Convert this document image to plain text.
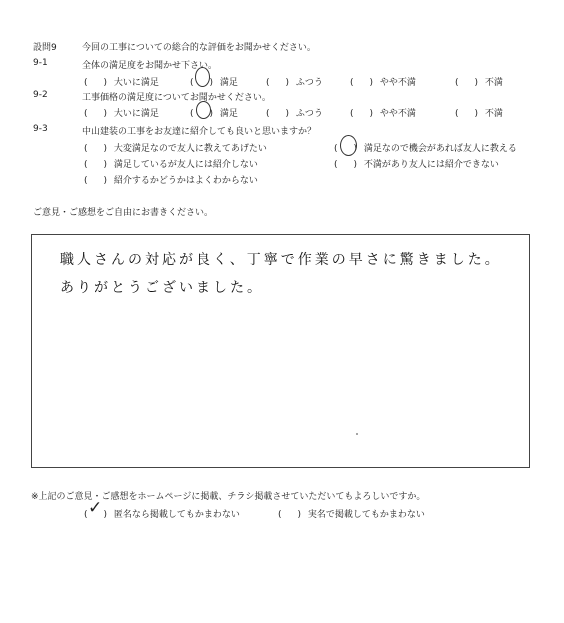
設問9	今回の工事についての総合的な評価をお聞かせください。
9-1	全体の満足度をお聞かせ下さい。
( ) 大いに満足	( ) 満足	( ) ふつう	( ) やや不満	( ) 不満
9-2	工事価格の満足度についてお聞かせください。
( ) 大いに満足	( ) 満足	( ) ふつう	( ) やや不満	( ) 不満
9-3	中山建装の工事をお友達に紹介しても良いと思いますか？
( ) 大変満足なので友人に教えてあげたい	( ) 満足なので機会があれば友人に教える
( ) 満足しているが友人には紹介しない	( ) 不満があり友人には紹介できない
( ) 紹介するかどうかはよくわからない
ご意見・ご感想をご自由にお書きください。
職人さんの対応が良く、丁寧で作業の早さに驚きました。
ありがとうございました。
※上記のご意見・ご感想をホームページに掲載、チラシ掲載させていただいてもよろしいですか。
( ) 匿名なら掲載してもかまわない
✓	( ) 実名で掲載してもかまわない
